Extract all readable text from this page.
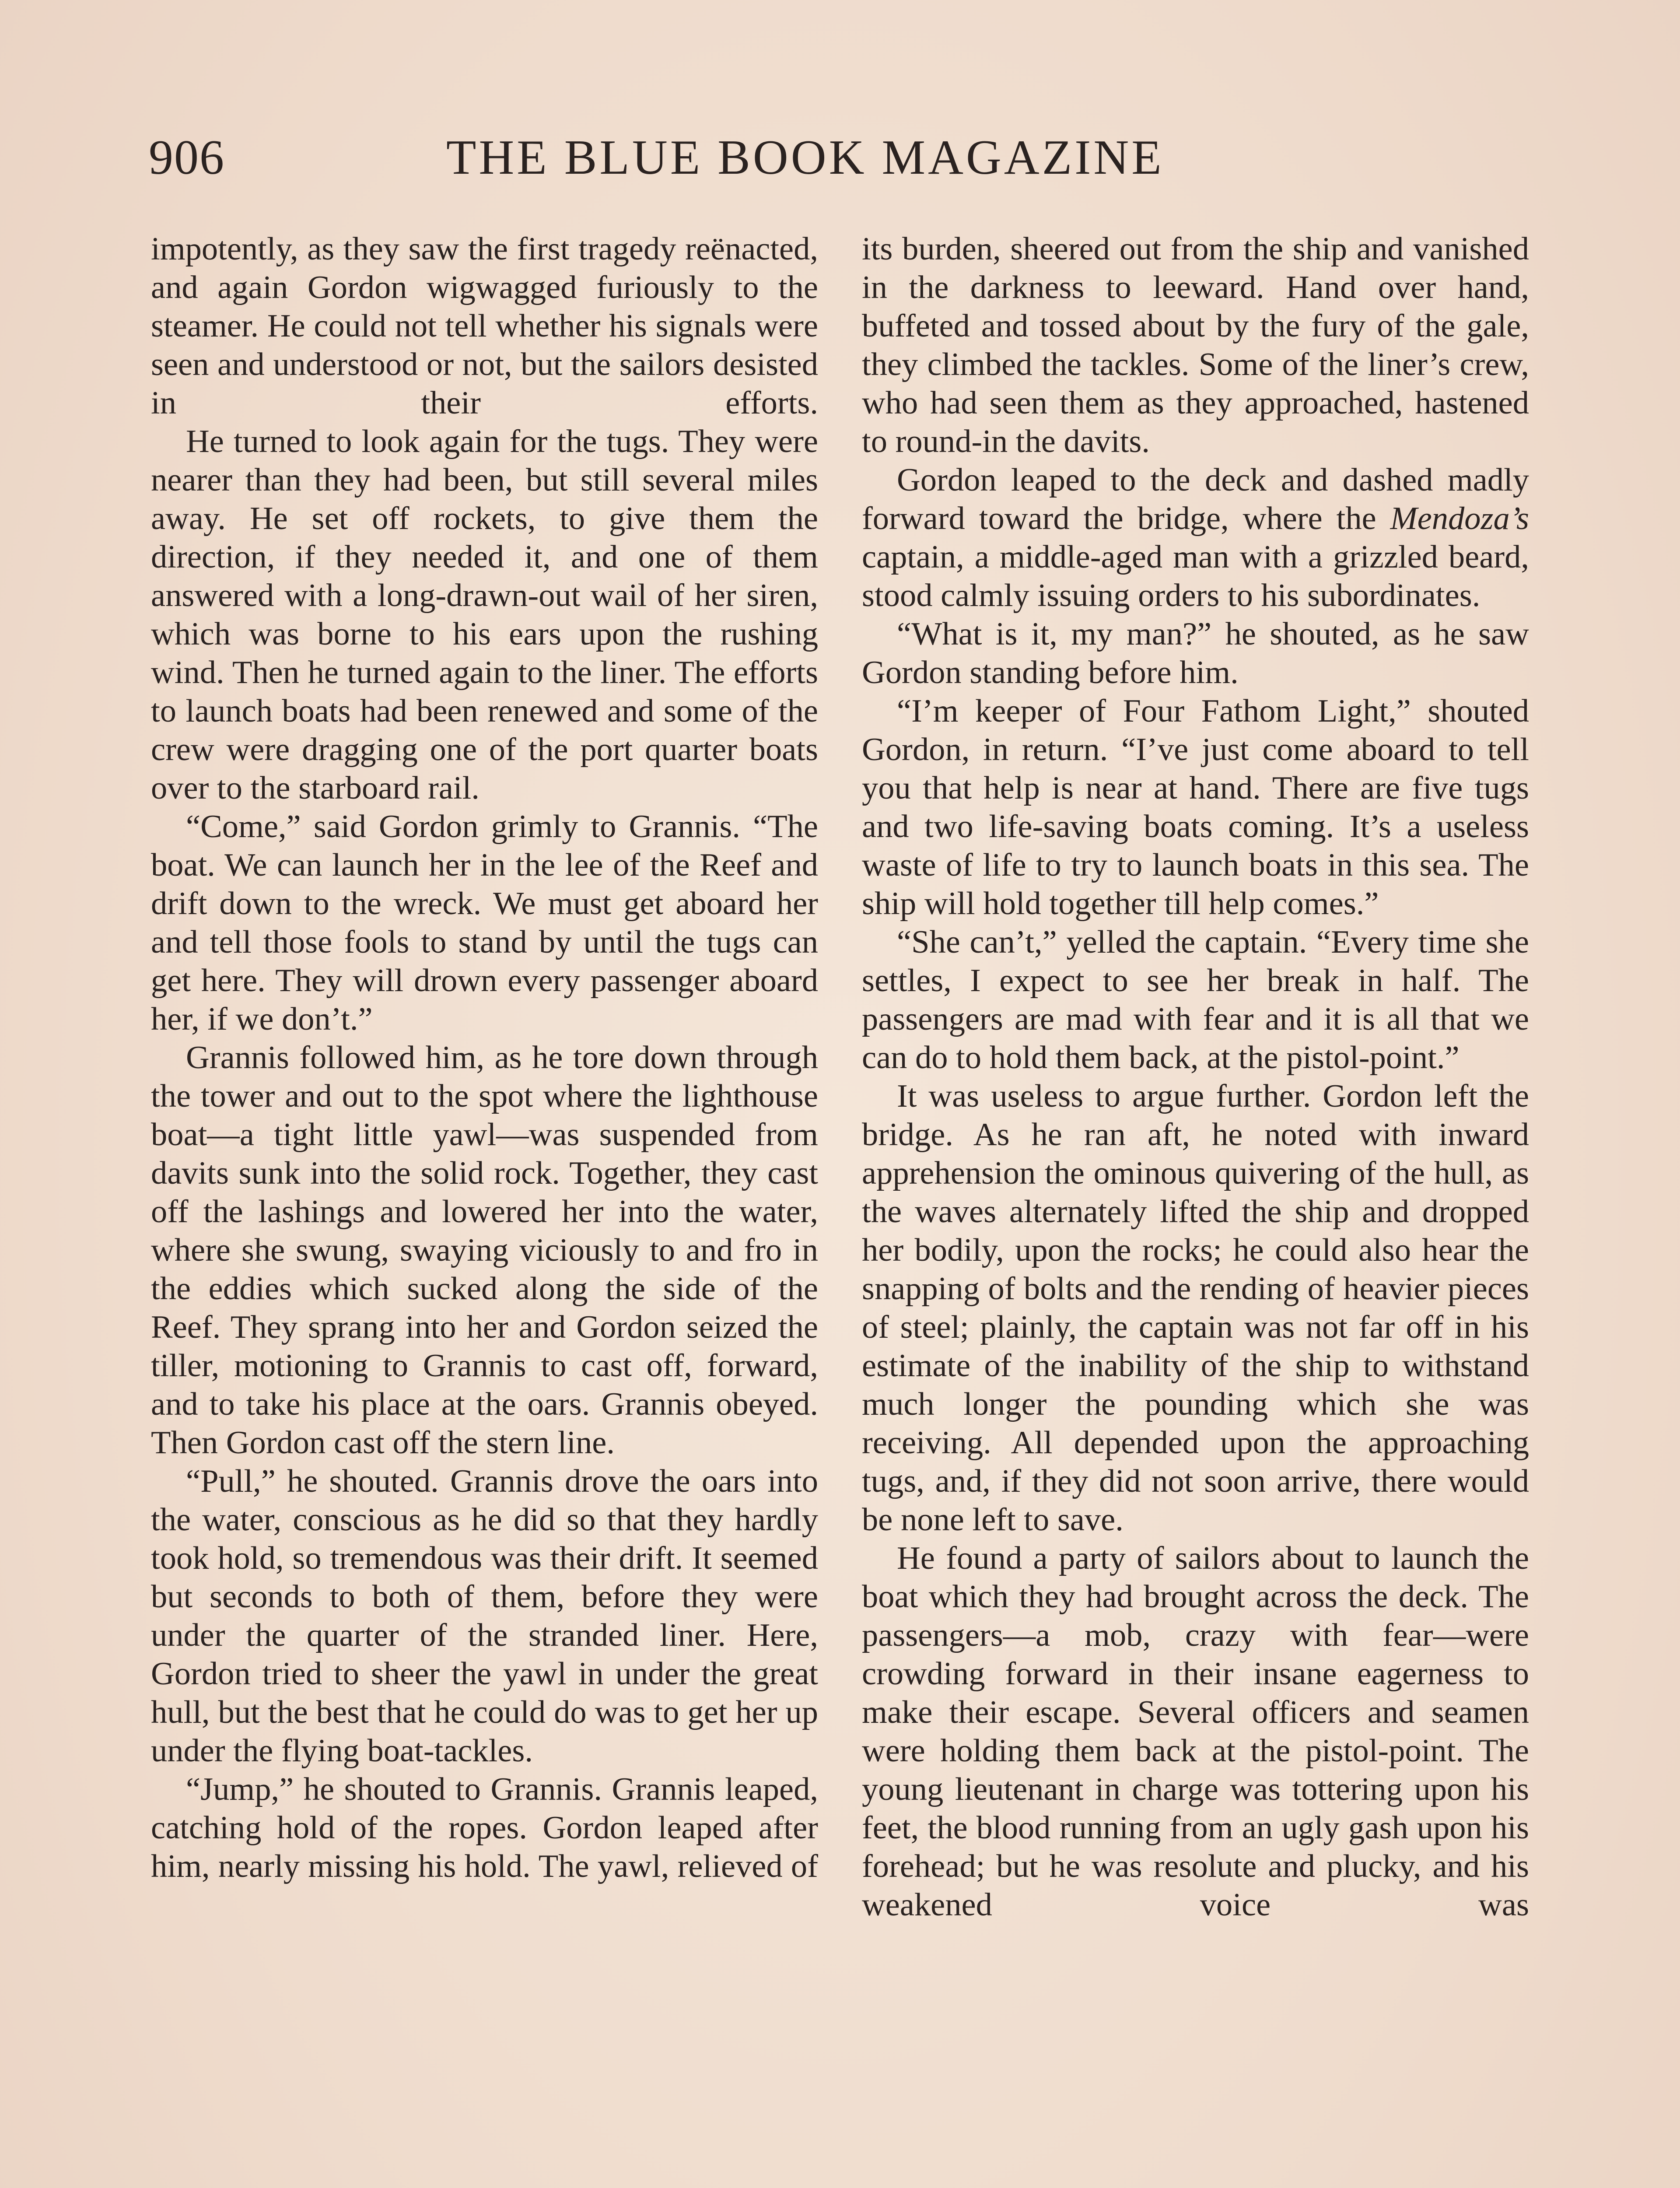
906	THE BLUE BOOK MAGAZINE

impotently, as they saw the first tragedy reënacted, and again Gordon wigwagged furiously to the steamer. He could not tell whether his signals were seen and understood or not, but the sailors desisted in their efforts.

He turned to look again for the tugs. They were nearer than they had been, but still several miles away. He set off rockets, to give them the direction, if they needed it, and one of them answered with a long-drawn-out wail of her siren, which was borne to his ears upon the rushing wind. Then he turned again to the liner. The efforts to launch boats had been renewed and some of the crew were dragging one of the port quarter boats over to the starboard rail.

“Come,” said Gordon grimly to Grannis. “The boat. We can launch her in the lee of the Reef and drift down to the wreck. We must get aboard her and tell those fools to stand by until the tugs can get here. They will drown every passenger aboard her, if we don’t.”

Grannis followed him, as he tore down through the tower and out to the spot where the lighthouse boat—a tight little yawl—was suspended from davits sunk into the solid rock. Together, they cast off the lashings and lowered her into the water, where she swung, swaying viciously to and fro in the eddies which sucked along the side of the Reef. They sprang into her and Gordon seized the tiller, motioning to Grannis to cast off, forward, and to take his place at the oars. Grannis obeyed. Then Gordon cast off the stern line.

“Pull,” he shouted. Grannis drove the oars into the water, conscious as he did so that they hardly took hold, so tremendous was their drift. It seemed but seconds to both of them, before they were under the quarter of the stranded liner. Here, Gordon tried to sheer the yawl in under the great hull, but the best that he could do was to get her up under the flying boat-tackles.

“Jump,” he shouted to Grannis. Grannis leaped, catching hold of the ropes. Gordon leaped after him, nearly missing his hold. The yawl, relieved of

its burden, sheered out from the ship and vanished in the darkness to leeward. Hand over hand, buffeted and tossed about by the fury of the gale, they climbed the tackles. Some of the liner’s crew, who had seen them as they approached, hastened to round-in the davits.

Gordon leaped to the deck and dashed madly forward toward the bridge, where the Mendoza’s captain, a middle-aged man with a grizzled beard, stood calmly issuing orders to his subordinates.

“What is it, my man?” he shouted, as he saw Gordon standing before him.

“I’m keeper of Four Fathom Light,” shouted Gordon, in return. “I’ve just come aboard to tell you that help is near at hand. There are five tugs and two life-saving boats coming. It’s a useless waste of life to try to launch boats in this sea. The ship will hold together till help comes.”

“She can’t,” yelled the captain. “Every time she settles, I expect to see her break in half. The passengers are mad with fear and it is all that we can do to hold them back, at the pistol-point.”

It was useless to argue further. Gordon left the bridge. As he ran aft, he noted with inward apprehension the ominous quivering of the hull, as the waves alternately lifted the ship and dropped her bodily, upon the rocks; he could also hear the snapping of bolts and the rending of heavier pieces of steel; plainly, the captain was not far off in his estimate of the inability of the ship to withstand much longer the pounding which she was receiving. All depended upon the approaching tugs, and, if they did not soon arrive, there would be none left to save.

He found a party of sailors about to launch the boat which they had brought across the deck. The passengers—a mob, crazy with fear—were crowding forward in their insane eagerness to make their escape. Several officers and seamen were holding them back at the pistol-point. The young lieutenant in charge was tottering upon his feet, the blood running from an ugly gash upon his forehead; but he was resolute and plucky, and his weakened voice was
